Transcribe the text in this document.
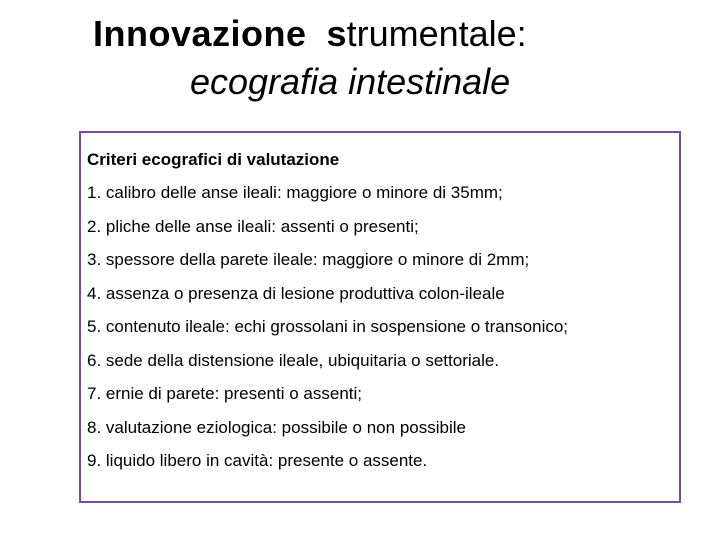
Innovazione strumentale:
ecografia intestinale
Criteri ecografici di valutazione
1. calibro delle anse ileali: maggiore o minore di 35mm;
2. pliche delle anse ileali: assenti o presenti;
3. spessore della parete ileale: maggiore o minore di 2mm;
4. assenza o presenza di lesione produttiva colon-ileale
5. contenuto ileale: echi grossolani in sospensione o transonico;
6. sede della distensione ileale, ubiquitaria o settoriale.
7. ernie di parete: presenti o assenti;
8. valutazione eziologica: possibile o non possibile
9. liquido libero in cavità: presente o assente.
